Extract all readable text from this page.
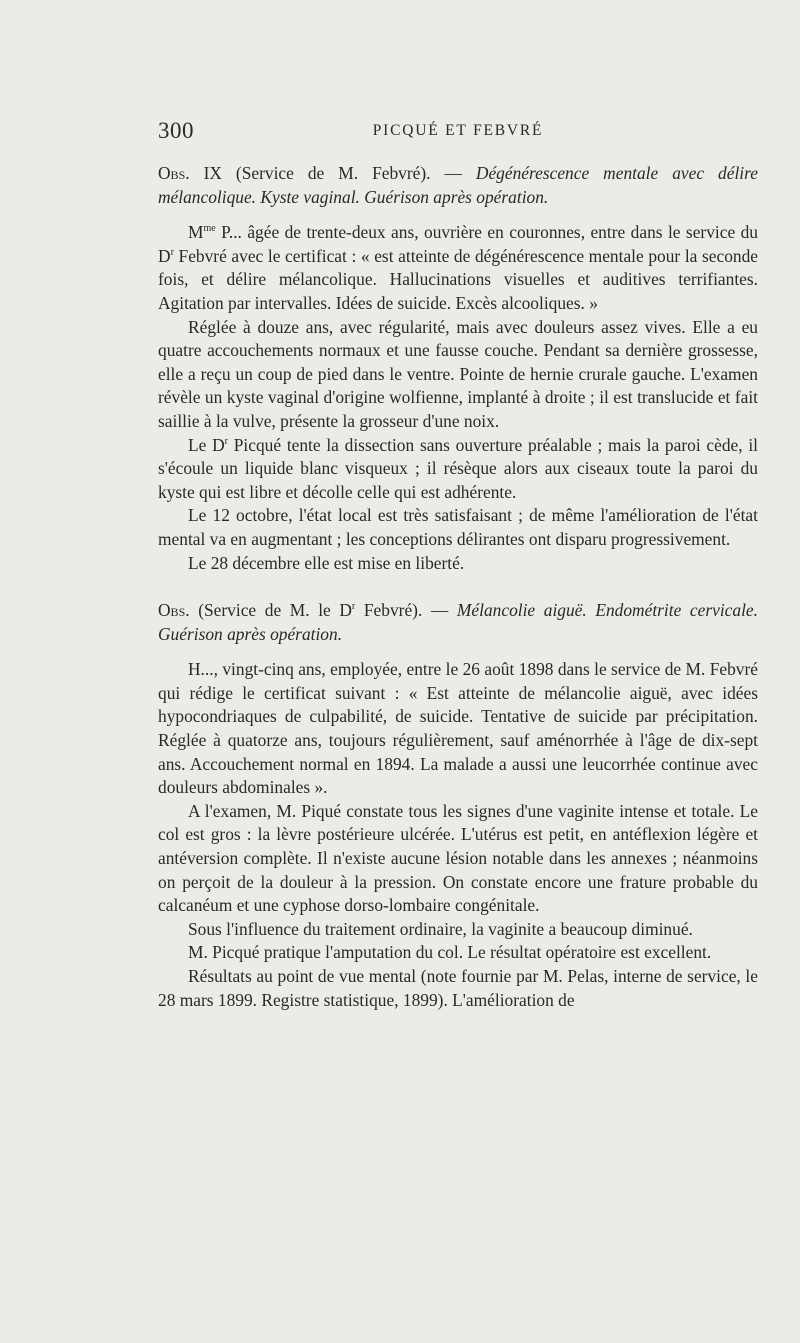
300	PICQUÉ ET FEBVRÉ

Obs. IX (Service de M. Febvré). — Dégénérescence mentale avec délire mélancolique. Kyste vaginal. Guérison après opération.

$M^{me}$ P... âgée de trente-deux ans, ouvrière en couronnes, entre dans le service du $D^r$ Febvré avec le certificat : « est atteinte de dégénérescence mentale pour la seconde fois, et délire mélancolique. Hallucinations visuelles et auditives terrifiantes. Agitation par intervalles. Idées de suicide. Excès alcooliques. »

Réglée à douze ans, avec régularité, mais avec douleurs assez vives. Elle a eu quatre accouchements normaux et une fausse couche. Pendant sa dernière grossesse, elle a reçu un coup de pied dans le ventre. Pointe de hernie crurale gauche. L'examen révèle un kyste vaginal d'origine wolfienne, implanté à droite ; il est translucide et fait saillie à la vulve, présente la grosseur d'une noix.

Le $D^r$ Picqué tente la dissection sans ouverture préalable ; mais la paroi cède, il s'écoule un liquide blanc visqueux ; il résèque alors aux ciseaux toute la paroi du kyste qui est libre et décolle celle qui est adhérente.

Le 12 octobre, l'état local est très satisfaisant ; de même l'amélioration de l'état mental va en augmentant ; les conceptions délirantes ont disparu progressivement.

Le 28 décembre elle est mise en liberté.

Obs. (Service de M. le $D^r$ Febvré). — Mélancolie aiguë. Endométrite cervicale. Guérison après opération.

H..., vingt-cinq ans, employée, entre le 26 août 1898 dans le service de M. Febvré qui rédige le certificat suivant : « Est atteinte de mélancolie aiguë, avec idées hypocondriaques de culpabilité, de suicide. Tentative de suicide par précipitation. Réglée à quatorze ans, toujours régulièrement, sauf aménorrhée à l'âge de dix-sept ans. Accouchement normal en 1894. La malade a aussi une leucorrhée continue avec douleurs abdominales ».

A l'examen, M. Piqué constate tous les signes d'une vaginite intense et totale. Le col est gros : la lèvre postérieure ulcérée. L'utérus est petit, en antéflexion légère et antéversion complète. Il n'existe aucune lésion notable dans les annexes ; néanmoins on perçoit de la douleur à la pression. On constate encore une frature probable du calcanéum et une cyphose dorso-lombaire congénitale.

Sous l'influence du traitement ordinaire, la vaginite a beaucoup diminué.

M. Picqué pratique l'amputation du col. Le résultat opératoire est excellent.

Résultats au point de vue mental (note fournie par M. Pelas, interne de service, le 28 mars 1899. Registre statistique, 1899). L'amélioration de
